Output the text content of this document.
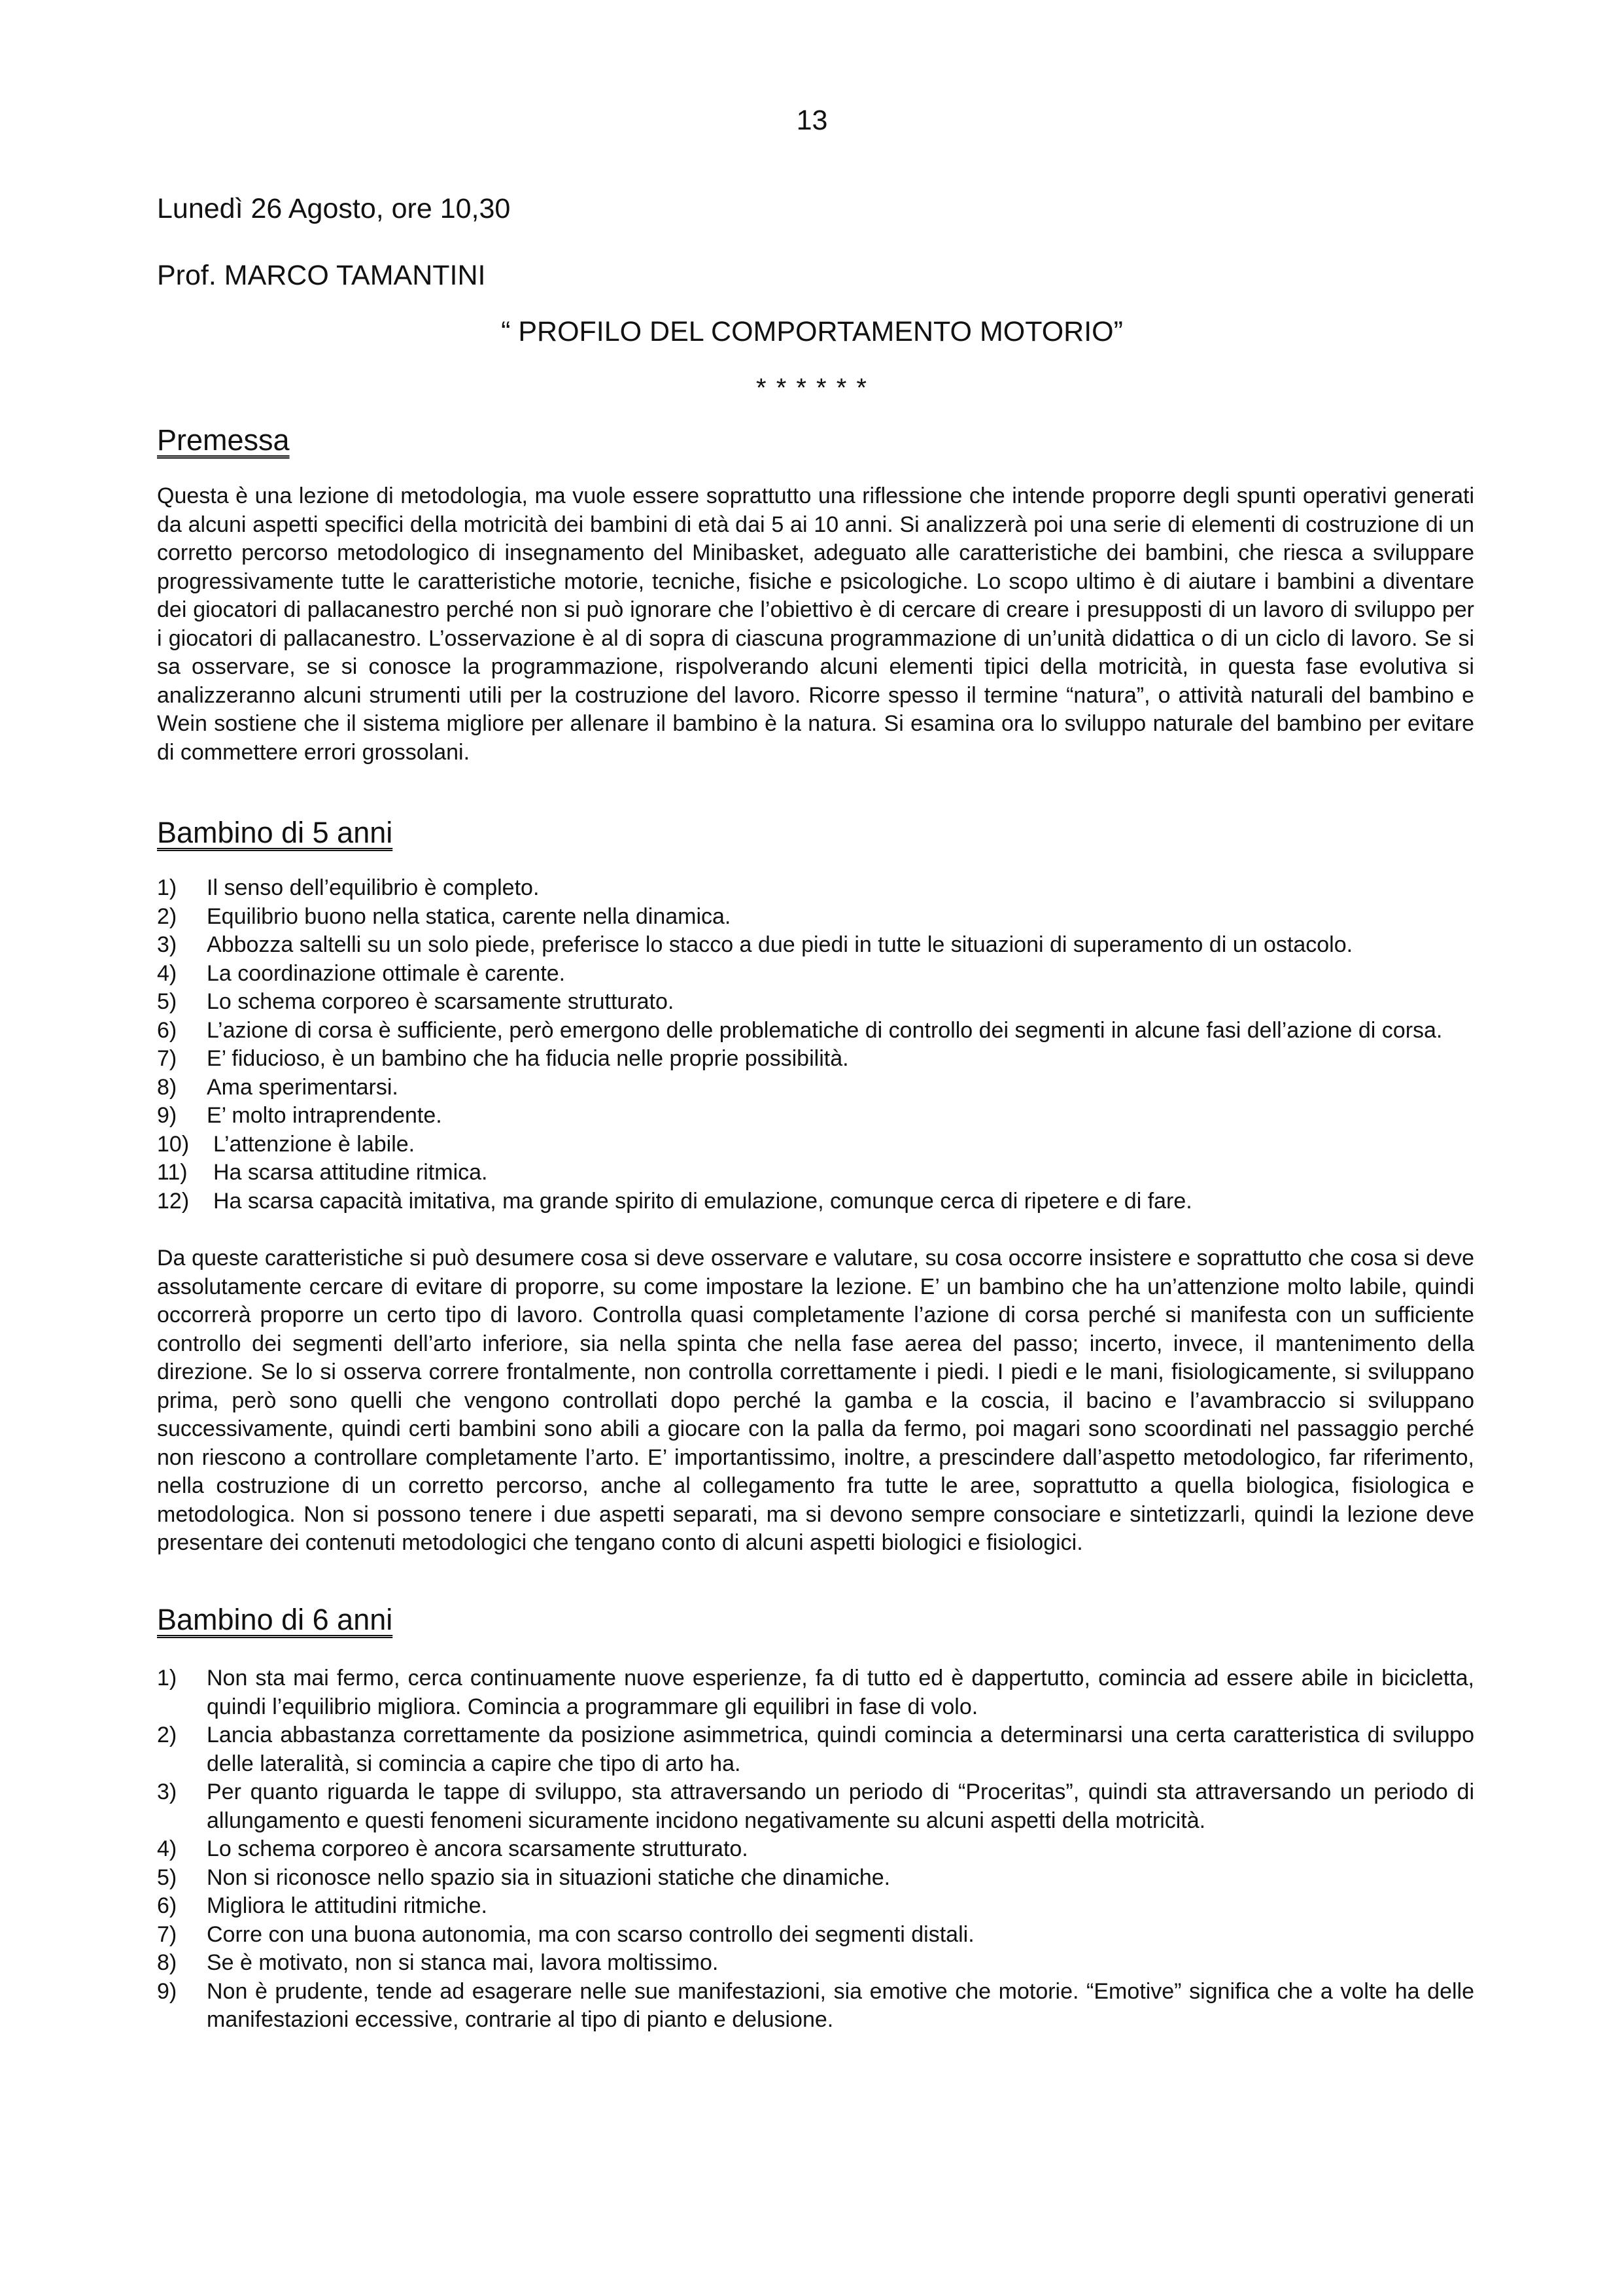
13
Lunedì 26 Agosto, ore 10,30
Prof. MARCO TAMANTINI
“ PROFILO DEL COMPORTAMENTO MOTORIO”
* * * * * *
Premessa
Questa è una lezione di metodologia, ma vuole essere soprattutto una riflessione che intende proporre degli spunti operativi generati da alcuni aspetti specifici della motricità dei bambini di età dai 5 ai 10 anni. Si analizzerà poi una serie di elementi di costruzione di un corretto percorso metodologico di insegnamento del Minibasket, adeguato alle caratteristiche dei bambini, che riesca a sviluppare progressivamente tutte le caratteristiche motorie, tecniche, fisiche e psicologiche. Lo scopo ultimo è di aiutare i bambini a diventare dei giocatori di pallacanestro perché non si può ignorare che l’obiettivo è di cercare di creare i presupposti di un lavoro di sviluppo per i giocatori di pallacanestro. L’osservazione è al di sopra di ciascuna programmazione di un’unità didattica o di un ciclo di lavoro. Se si sa osservare, se si conosce la programmazione, rispolverando alcuni elementi tipici della motricità, in questa fase evolutiva si analizzeranno alcuni strumenti utili per la costruzione del lavoro. Ricorre spesso il termine “natura”, o attività naturali del bambino e Wein sostiene che il sistema migliore per allenare il bambino è la natura. Si esamina ora lo sviluppo naturale del bambino per evitare di commettere errori grossolani.
Bambino di 5 anni
1) Il senso dell’equilibrio è completo.
2) Equilibrio buono nella statica, carente nella dinamica.
3) Abbozza saltelli su un solo piede, preferisce lo stacco a due piedi in tutte le situazioni di superamento di un ostacolo.
4) La coordinazione ottimale è carente.
5) Lo schema corporeo è scarsamente strutturato.
6) L’azione di corsa è sufficiente, però emergono delle problematiche di controllo dei segmenti in alcune fasi dell’azione di corsa.
7) E’ fiducioso, è un bambino che ha fiducia nelle proprie possibilità.
8) Ama sperimentarsi.
9) E’ molto intraprendente.
10) L’attenzione è labile.
11) Ha scarsa attitudine ritmica.
12) Ha scarsa capacità imitativa, ma grande spirito di emulazione, comunque cerca di ripetere e di fare.
Da queste caratteristiche si può desumere cosa si deve osservare e valutare, su cosa occorre insistere e soprattutto che cosa si deve assolutamente cercare di evitare di proporre, su come impostare la lezione. E’ un bambino che ha un’attenzione molto labile, quindi occorrerà proporre un certo tipo di lavoro. Controlla quasi completamente l’azione di corsa perché si manifesta con un sufficiente controllo dei segmenti dell’arto inferiore, sia nella spinta che nella fase aerea del passo; incerto, invece, il mantenimento della direzione. Se lo si osserva correre frontalmente, non controlla correttamente i piedi. I piedi e le mani, fisiologicamente, si sviluppano prima, però sono quelli che vengono controllati dopo perché la gamba e la coscia, il bacino e l’avambraccio si sviluppano successivamente, quindi certi bambini sono abili a giocare con la palla da fermo, poi magari sono scoordinati nel passaggio perché non riescono a controllare completamente l’arto. E’ importantissimo, inoltre, a prescindere dall’aspetto metodologico, far riferimento, nella costruzione di un corretto percorso, anche al collegamento fra tutte le aree, soprattutto a quella biologica, fisiologica e metodologica. Non si possono tenere i due aspetti separati, ma si devono sempre consociare e sintetizzarli, quindi la lezione deve presentare dei contenuti metodologici che tengano conto di alcuni aspetti biologici e fisiologici.
Bambino di 6 anni
1) Non sta mai fermo, cerca continuamente nuove esperienze, fa di tutto ed è dappertutto, comincia ad essere abile in bicicletta, quindi l’equilibrio migliora. Comincia a programmare gli equilibri in fase di volo.
2) Lancia abbastanza correttamente da posizione asimmetrica, quindi comincia a determinarsi una certa caratteristica di sviluppo delle lateralità, si comincia a capire che tipo di arto ha.
3) Per quanto riguarda le tappe di sviluppo, sta attraversando un periodo di “Proceritas”, quindi sta attraversando un periodo di allungamento e questi fenomeni sicuramente incidono negativamente su alcuni aspetti della motricità.
4) Lo schema corporeo è ancora scarsamente strutturato.
5) Non si riconosce nello spazio sia in situazioni statiche che dinamiche.
6) Migliora le attitudini ritmiche.
7) Corre con una buona autonomia, ma con scarso controllo dei segmenti distali.
8) Se è motivato, non si stanca mai, lavora moltissimo.
9) Non è prudente, tende ad esagerare nelle sue manifestazioni, sia emotive che motorie. “Emotive” significa che a volte ha delle manifestazioni eccessive, contrarie al tipo di pianto e delusione.
